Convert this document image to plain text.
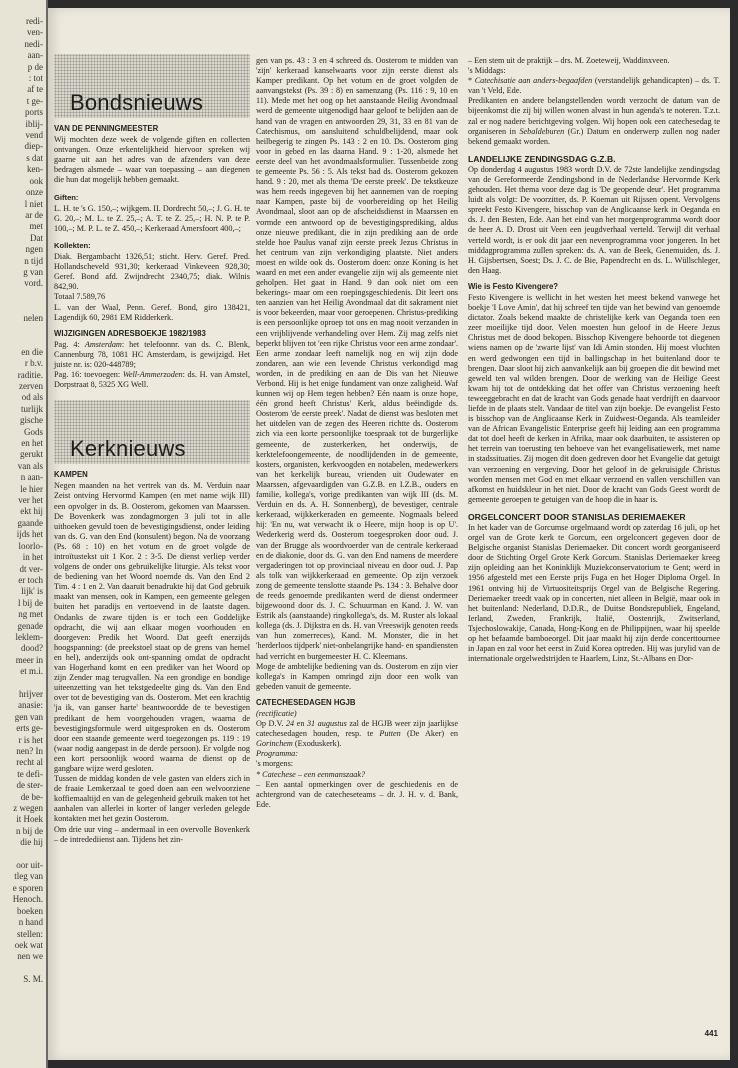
redi-
ven-
nedi-
aan-
p de
: tot
af te
t ge-
ports
iblij-
vend
diep-
s dat
ken-
ook
onze
l niet
ar de
met
Dat
ngen
n tijd
g van
vord.

nelen

en die
r b.v.
raditie.
zerven
od als
turlijk
gische
Gods
en het
gerukt
van als
n aan-
le hier
ver het
ekt hij
gaande
ijds het
loorlo-
in het
dt ver-
er toch
lijk' is
l bij de
ng met
genade
leklem-
dood?
meer in
et m.i.

hrijver
anasie:
gen van
erts ge-
r is het
nen? In
recht al
te defi-
de ster-
de be-
z wegen
it Hoek
n bij de
die hij

oor uit-
tleg van
e sporen
Henoch.
boeken
n hand
stellen:
oek wat
nen we

S. M.
Bondsnieuws
VAN DE PENNINGMEESTER

Wij mochten deze week de volgende giften en collecten ontvangen. Onze erkentelijkheid hiervoor spreken wij gaarne uit aan het adres van de afzenders van deze bedragen alsmede – waar van toepassing – aan diegenen die hun dat mogelijk hebben gemaakt.

Giften:

L. H. te 's G. 150,–; wijkgem. II. Dordrecht 50,–; J. G. H. te G. 20,–; M. L. te Z. 25,–; A. T. te Z. 25,–; H. N. P. te P. 100,–; M. P. L. te Z. 450,–; Kerkeraad Amersfoort 400,–;

Kollekten:

Diak. Bergambacht 1326,51; sticht. Herv. Geref. Pred. Hollandscheveld 931,30; kerkeraad Vinkeveen 928,30; Geref. Bond afd. Zwijndrecht 2340,75; diak. Wilnis 842,90.

Totaal 7.589,76

L. van der Waal, Penn. Geref. Bond, giro 138421, Lagendijk 60, 2981 EM Ridderkerk.

WIJZIGINGEN ADRESBOEKJE 1982/1983

Pag. 4: Amsterdam: het telefoonnr. van ds. C. Blenk, Cannenburg 78, 1081 HC Amsterdam, is gewijzigd. Het juiste nr. is: 020-448789;

Pag. 16: toevoegen: Well-Ammerzoden: ds. H. van Amstel, Dorpstraat 8, 5325 XG Well.

Kerknieuws
KAMPEN

Negen maanden na het vertrek van ds. M. Verduin naar Zeist ontving Hervormd Kampen (en met name wijk III) een opvolger in ds. B. Oosterom, gekomen van Maarssen. De Bovenkerk was zondagmorgen 3 juli tot in alle uithoeken gevuld toen de bevestigingsdienst, onder leiding van ds. G. van den End (konsulent) begon. Na de voorzang (Ps. 68 : 10) en het votum en de groet volgde de introïtustekst uit 1 Kor. 2 : 3-5. De dienst verliep verder volgens de onder ons gebruikelijke liturgie. Als tekst voor de bediening van het Woord noemde ds. Van den End 2 Tim. 4 : 1 en 2. Van daaruit benadrukte hij dat God gebruik maakt van mensen, ook in Kampen, een gemeente gelegen buiten het paradijs en vertoevend in de laatste dagen. Ondanks de zware tijden is er toch een Goddelijke opdracht, die wij aan elkaar mogen voorhouden en doorgeven: Predik het Woord. Dat geeft enerzijds hoogspanning: (de preekstoel staat op de grens van hemel en hel), anderzijds ook ont-spanning omdat de opdracht van Hogerhand komt en een prediker van het Woord op zijn Zender mag terugvallen. Na een grondige en bondige uiteenzetting van het tekstgedeelte ging ds. Van den End over tot de bevestiging van ds. Oosterom. Met een krachtig 'ja ik, van ganser harte' beantwoordde de te bevestigen predikant de hem voorgehouden vragen, waarna de bevestigingsformule werd uitgesproken en ds. Oosterom door een staande gemeente werd toegezongen ps. 119 : 19 (waar nodig aangepast in de derde persoon). Er volgde nog een kort persoonlijk woord waarna de dienst op de gangbare wijze werd gesloten.
Tussen de middag konden de vele gasten van elders zich in de fraaie Lemkerzaal te goed doen aan een welvoorziene koffiemaaltijd en van de gelegenheid gebruik maken tot het aanhalen van allerlei in korter of langer verleden gelegde kontakten met het gezin Oosterom.
Om drie uur ving – andermaal in een overvolle Bovenkerk – de intredediienst aan. Tijdens het zin-

gen van ps. 43 : 3 en 4 schreed ds. Oosterom te midden van 'zijn' kerkeraad kanselwaarts voor zijn eerste dienst als Kamper predikant. Op het votum en de groet volgden de aanvangstekst (Ps. 39 : 8) en samenzang (Ps. 116 : 9, 10 en 11). Mede met het oog op het aanstaande Heilig Avondmaal werd de gemeente uitgenodigd haar geloof te belijden aan de hand van de vragen en antwoorden 29, 31, 33 en 81 van de Catechismus, om aansluitend schuldbelijdend, maar ook heilbegerig te zingen Ps. 143 : 2 en 10. Ds. Oosterom ging voor in gebed en las daarna Hand. 9 : 1-20, alsmede het eerste deel van het avondmaalsformulier. Tussenbeide zong te gemeente Ps. 56 : 5. Als tekst had ds. Oosterom gekozen hand. 9 : 20, met als thema 'De eerste preek'. De tekstkeuze was hem reeds ingegeven bij het aannemen van de roeping naar Kampen, paste bij de voorbereiding op het Heilig Avondmaal, sloot aan op de afscheidsdienst in Maarssen en vormde een antwoord op de bevestigingsprediking, aldus onze nieuwe predikant, die in zijn prediking aan de orde stelde hoe Paulus vanaf zijn eerste preek Jezus Christus in het centrum van zijn verkondiging plaatste. Niet anders moest en wilde ook ds. Oosterom doen: onze Koning is het waard en met een ander evangelie zijn wij als gemeente niet geholpen. Het gaat in Hand. 9 dan ook niet om een bekerings- maar om een roepingsgeschiedenis. Dit leert ons ten aanzien van het Heilig Avondmaal dat dit sakrament niet is voor bekeerden, maar voor geroepenen. Christus-prediking is een persoonlijke oproep tot ons en mag nooit verzanden in een vrijblijvende verhandeling over Hem. Zij mag zelfs niet beperkt blijven tot 'een rijke Christus voor een arme zondaar'. Een arme zondaar leeft namelijk nog en wij zijn dode zondaren, aan wie een levende Christus verkondigd mag worden, in de prediking en aan de Dis van het Nieuwe Verbond. Hij is het enige fundament van onze zaligheid. Waf kunnen wij op Hem tegen hebben? Eén naam is onze hope, één grond heeft Christus' Kerk, aldus beëindigde ds. Oosterom 'de eerste preek'. Nadat de dienst was besloten met het uitdelen van de zegen des Heeren richtte ds. Oosterom zich via een korte persoonlijke toespraak tot de burgerlijke gemeente, de zusterkerken, het onderwijs, de kerktelefoongemeente, de noodlijdenden in de gemeente, kosters, organisten, kerkvoogden en notabelen, medewerkers van het kerkelijk bureau, vrienden uit Oudewater en Maarssen, afgevaardigden van G.Z.B. en I.Z.B., ouders en familie, kollega's, vorige predikanten van wijk III (ds. M. Verduin en ds. A. H. Sonnenberg), de bevestiger, centrale kerkeraad, wijkkerkeraden en gemeente. Nogmaals beleed hij: 'En nu, wat verwacht ik o Heere, mijn hoop is op U'. Wederkerig werd ds. Oosterom toegesproken door oud. J. van der Brugge als woordvoerder van de centrale kerkeraad en de diakonie, door ds. G. van den End namens de meerdere vergaderingen tot op provinciaal niveau en door oud. J. Pap als tolk van wijkkerkeraad en gemeente. Op zijn verzoek zong de gemeente tenslotte staande Ps. 134 : 3. Behalve door de reeds genoemde predikanten werd de dienst ondermeer bijgewoond door ds. J. C. Schuurman en Kand. J. W. van Estrik als (aanstaande) ringkollega's, ds. M. Ruster als lokaal kollega (ds. J. Dijkstra en ds. H. van Vreeswijk genoten reeds van hun zomerreces), Kand. M. Monster, die in het 'herderloos tijdperk' niet-onbelangrijke hand- en spandiensten had verricht en burgemeester H. C. Kleemans.
Moge de ambtelijke bediening van ds. Oosterom en zijn vier kollega's in Kampen omringd zijn door een wolk van gebeden vanuit de gemeente.

CATECHESEDAGEN HGJB

(rectificatie)

Op D.V. 24 en 31 augustus zal de HGJB weer zijn jaarlijkse catechesedagen houden, resp. te Putten (De Aker) en Gorinchem (Exoduskerk).

Programma:

's morgens:

* Catechese – een eenmanszaak?

– Een aantal opmerkingen over de geschiedenis en de achtergrond van de catecheseteams – dr. J. H. v. d. Bank, Ede.

– Een stem uit de praktijk – drs. M. Zoeteweij, Waddinxveen.

's Middags:

* Catechisatie aan anders-begaafden (verstandelijk gehandicapten) – ds. T. van 't Veld, Ede.

Predikanten en andere belangstellenden wordt verzocht de datum van de bijeenkomst die zij bij willen wonen alvast in hun agenda's te noteren. T.z.t. zal er nog nadere berichtgeving volgen. Wij hopen ook een catechesedag te organiseren in Sebaldeburen (Gr.) Datum en onderwerp zullen nog nader bekend gemaakt worden.

LANDELIJKE ZENDINGSDAG G.Z.B.

Op donderdag 4 augustus 1983 wordt D.V. de 72ste landelijke zendingsdag van de Gereformeerde Zendingsbond in de Nederlandse Hervormde Kerk gehouden. Het thema voor deze dag is 'De geopende deur'. Het programma luidt als volgt: De voorzitter, ds. P. Koeman uit Rijssen opent. Vervolgens spreekt Festo Kivengere, bisschop van de Anglicaanse kerk in Oeganda en ds. J. den Besten, Ede. Aan het eind van het morgenprogramma wordt door de heer A. D. Drost uit Veen een jeugdverhaal verteld. Terwijl dit verhaal verteld wordt, is er ook dit jaar een nevenprogramma voor jongeren. In het middagprogramma zullen spreken: ds. A. van de Beek, Genemuiden, ds. J. H. Gijsbertsen, Soest; Ds. J. C. de Bie, Papendrecht en ds. L. Wüllschleger, den Haag.

Wie is Festo Kivengere?

Festo Kivengere is wellicht in het westen het meest bekend vanwege het boekje 'I Love Amin', dat hij schreef ten tijde van het bewind van genoemde dictator. Zoals bekend maakte de christelijke kerk van Oeganda toen een zeer moeilijke tijd door. Velen moesten hun geloof in de Heere Jezus Christus met de dood bekopen. Bisschop Kivengere behoorde tot diegenen wiens namen op de 'zwarte lijst' van Idi Amin stonden. Hij moest vluchten en werd gedwongen een tijd in ballingschap in het buitenland door te brengen. Daar sloot hij zich aanvankelijk aan bij groepen die dit bewind met geweld ten val wilden brengen. Door de werking van de Heilige Geest kwam hij tot de ontdekking dat het offer van Christus verzoening heeft teweeggebracht en dat de kracht van Gods genade haat verdrijft en daarvoor liefde in de plaats stelt. Vandaar de titel van zijn boekje. De evangelist Festo is bisschop van de Anglicaanse Kerk in Zuidwest-Oeganda. Als teamleider van de African Evangelistic Enterprise geeft hij leiding aan een programma dat tot doel heeft de kerken in Afrika, maar ook daarbuiten, te assisteren op het terrein van toerusting ten behoeve van het evangelisatiewerk, met name in stadssituaties. Zij mogen dit doen gedreven door het Evangelie dat getuigt van verzoening en vergeving. Door het geloof in de gekruisigde Christus worden mensen met God en met elkaar verzoend en vallen verschillen van afkomst en huidskleur in het niet. Door de kracht van Gods Geest wordt de gemeente geroepen te getuigen van de hoop die in haar is.

ORGELCONCERT DOOR STANISLAS DERIEMAEKER

In het kader van de Gorcumse orgelmaand wordt op zaterdag 16 juli, op het orgel van de Grote kerk te Gorcum, een orgelconcert gegeven door de Belgische organist Stanislas Deriemaeker. Dit concert wordt georganiseerd door de Stichting Orgel Grote Kerk Gorcum. Stanislas Deriemaeker kreeg zijn opleiding aan het Koninklijk Muziekconservatorium te Gent; werd in 1956 afgesteld met een Eerste prijs Fuga en het Hoger Diploma Orgel. In 1961 ontving hij de Virtuositeitsprijs Orgel van de Belgische Regering. Deriemaeker treedt vaak op in concerten, niet alleen in België, maar ook in het buitenland: Nederland, D.D.R., de Duitse Bondsrepubliek, Engeland, Ierland, Zweden, Frankrijk, Italië, Oostenrijk, Zwitserland, Tsjechoslowakije, Canada, Hong-Kong en de Philippijnen, waar hij speelde op het befaamde bamboeorgel. Dit jaar maakt hij zijn derde concerttournee in Japan en zal voor het eerst in Zuid Korea optreden. Hij was jurylid van de internationale orgelwedstrijden te Haarlem, Linz, St.-Albans en Dor-

441
